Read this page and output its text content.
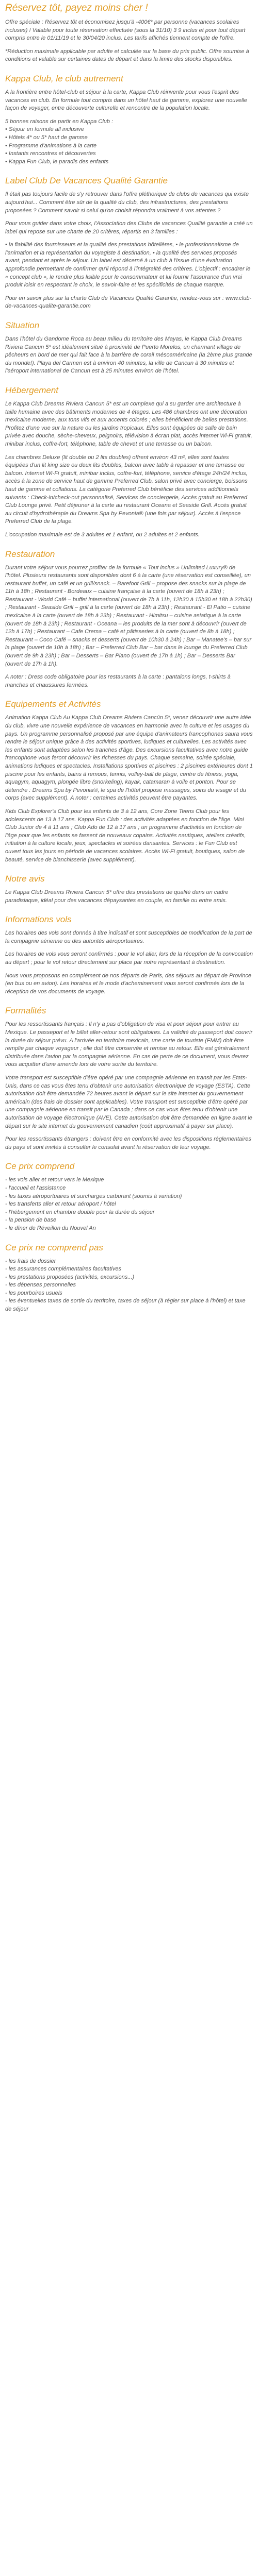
Réservez tôt, payez moins cher !

Offre spéciale : Réservez tôt et économisez jusqu'à -400€* par personne (vacances scolaires incluses) ! Valable pour toute réservation effectuée (sous la 31/10) 3 9 inclus et pour tout départ compris entre le 01/11/19 et le 30/04/20 inclus. Les tarifs affichés tiennent compte de l'offre.

*Réduction maximale applicable par adulte et calculée sur la base du prix public. Offre soumise à conditions et valable sur certaines dates de départ et dans la limite des stocks disponibles.

Kappa Club, le club autrement

A la frontière entre hôtel-club et séjour à la carte, Kappa Club réinvente pour vous l'esprit des vacances en club. En formule tout compris dans un hôtel haut de gamme, explorez une nouvelle façon de voyager, entre découverte culturelle et rencontre de la population locale.

5 bonnes raisons de partir en Kappa Club :

• Séjour en formule all inclusive
• Hôtels 4* ou 5* haut de gamme
• Programme d'animations à la carte
• Instants rencontres et découvertes
• Kappa Fun Club, le paradis des enfants
Label Club De Vacances Qualité Garantie

Il était pas toujours facile de s'y retrouver dans l'offre pléthorique de clubs de vacances qui existe aujourd'hui... Comment être sûr de la qualité du club, des infrastructures, des prestations proposées ? Comment savoir si celui qu'on choisit répondra vraiment à vos attentes ?

Pour vous guider dans votre choix, l'Association des Clubs de vacances Qualité garantie a créé un label qui repose sur une charte de 20 critères, répartis en 3 familles :

• la fiabilité des fournisseurs et la qualité des prestations hôtelières, • le professionnalisme de l'animation et la représentation du voyagiste à destination, • la qualité des services proposés avant, pendant et après le séjour. Un label est décerné à un club à l'issue d'une évaluation approfondie permettant de confirmer qu'il répond à l'intégralité des critères. L'objectif : encadrer le « concept club », le rendre plus lisible pour le consommateur et lui fournir l'assurance d'un vrai produit loisir en respectant le choix, le savoir-faire et les spécificités de chaque marque.

Pour en savoir plus sur la charte Club de Vacances Qualité Garantie, rendez-vous sur : www.club-de-vacances-qualite-garantie.com

Situation

Dans l'hôtel du Gandome Roca au beau milieu du territoire des Mayas, le Kappa Club Dreams Riviera Cancun 5* est idéalement situé à proximité de Puerto Morelos, un charmant village de pêcheurs en bord de mer qui fait face à la barrière de corail mésoaméricaine (la 2ème plus grande du monde!). Playa del Carmen est à environ 40 minutes, la ville de Cancun à 30 minutes et l'aéroport international de Cancun est à 25 minutes environ de l'hôtel.

Hébergement

Le Kappa Club Dreams Riviera Cancun 5* est un complexe qui a su garder une architecture à taille humaine avec des bâtiments modernes de 4 étages. Les 486 chambres ont une décoration mexicaine moderne, aux tons vifs et aux accents colorés ; elles bénéficient de belles prestations. Profitez d'une vue sur la nature ou les jardins tropicaux. Elles sont équipées de salle de bain privée avec douche, sèche-cheveux, peignoirs, télévision à écran plat, accès internet Wi-Fi gratuit, minibar inclus, coffre-fort, téléphone, table de chevet et une terrasse ou un balcon.

Les chambres Deluxe (lit double ou 2 lits doubles) offrent environ 43 m², elles sont toutes équipées d'un lit king size ou deux lits doubles, balcon avec table à repasser et une terrasse ou balcon. Internet Wi-Fi gratuit, minibar inclus, coffre-fort, téléphone, service d'étage 24h/24 inclus, accès à la zone de service haut de gamme Preferred Club, salon privé avec concierge, boissons haut de gamme et collations. La catégorie Preferred Club bénéficie des services additionnels suivants : Check-in/check-out personnalisé, Services de conciergerie, Accès gratuit au Preferred Club Lounge privé. Petit déjeuner à la carte au restaurant Oceana et Seaside Grill. Accès gratuit au circuit d'hydrothérapie du Dreams Spa by Pevonia® (une fois par séjour). Accès à l'espace Preferred Club de la plage.

L'occupation maximale est de 3 adultes et 1 enfant, ou 2 adultes et 2 enfants.

Restauration

Durant votre séjour vous pourrez profiter de la formule « Tout inclus » Unlimited Luxury® de l'hôtel. Plusieurs restaurants sont disponibles dont 6 à la carte (une réservation est conseillée), un restaurant buffet, un café et un grill/snack. – Barefoot Grill – propose des snacks sur la plage de 11h à 18h ; Restaurant - Bordeaux – cuisine française à la carte (ouvert de 18h à 23h) ; Restaurant - World Café – buffet international (ouvert de 7h à 11h, 12h30 à 15h30 et 18h à 22h30) ; Restaurant - Seaside Grill – grill à la carte (ouvert de 18h à 23h) ; Restaurant - El Patio – cuisine mexicaine à la carte (ouvert de 18h à 23h) ; Restaurant - Himitsu – cuisine asiatique à la carte (ouvert de 18h à 23h) ; Restaurant - Oceana – les produits de la mer sont à découvrir (ouvert de 12h à 17h) ; Restaurant – Cafe Crema – café et pâtisseries à la carte (ouvert de 8h à 18h) ; Restaurant – Coco Café – snacks et desserts (ouvert de 10h30 à 24h) ; Bar – Manatee's – bar sur la plage (ouvert de 10h à 18h) ; Bar – Preferred Club Bar – bar dans le lounge du Preferred Club (ouvert de 9h à 23h) ; Bar – Desserts – Bar Piano (ouvert de 17h à 1h) ; Bar – Desserts Bar (ouvert de 17h à 1h).

A noter : Dress code obligatoire pour les restaurants à la carte : pantalons longs, t-shirts à manches et chaussures fermées.

Equipements et Activités

Animation Kappa Club Au Kappa Club Dreams Riviera Cancún 5*, venez découvrir une autre idée du club, vivre une nouvelle expérience de vacances en harmonie avec la culture et les usages du pays. Un programme personnalisé proposé par une équipe d'animateurs francophones saura vous rendre le séjour unique grâce à des activités sportives, ludiques et culturelles. Les activités avec les enfants sont adaptées selon les tranches d'âge. Des excursions facultatives avec notre guide francophone vous feront découvrir les richesses du pays. Chaque semaine, soirée spéciale, animations ludiques et spectacles. Installations sportives et piscines : 2 piscines extérieures dont 1 piscine pour les enfants, bains à remous, tennis, volley-ball de plage, centre de fitness, yoga, aquagym, aquagym, plongée libre (snorkeling), kayak, catamaran à voile et ponton. Pour se détendre : Dreams Spa by Pevonia®, le spa de l'hôtel propose massages, soins du visage et du corps (avec supplément). A noter : certaines activités peuvent être payantes.

Kids Club Explorer's Club pour les enfants de 3 à 12 ans, Core Zone Teens Club pour les adolescents de 13 à 17 ans. Kappa Fun Club : des activités adaptées en fonction de l'âge. Mini Club Junior de 4 à 11 ans ; Club Ado de 12 à 17 ans ; un programme d'activités en fonction de l'âge pour que les enfants se fassent de nouveaux copains. Activités nautiques, ateliers créatifs, initiation à la culture locale, jeux, spectacles et soirées dansantes. Services : le Fun Club est ouvert tous les jours en période de vacances scolaires. Accès Wi-Fi gratuit, boutiques, salon de beauté, service de blanchisserie (avec supplément).

Notre avis

Le Kappa Club Dreams Riviera Cancun 5* offre des prestations de qualité dans un cadre paradisiaque, idéal pour des vacances dépaysantes en couple, en famille ou entre amis.

Informations vols

Les horaires des vols sont donnés à titre indicatif et sont susceptibles de modification de la part de la compagnie aérienne ou des autorités aéroportuaires.

Les horaires de vols vous seront confirmés : pour le vol aller, lors de la réception de la convocation au départ ; pour le vol retour directement sur place par notre représentant à destination.

Nous vous proposons en complément de nos départs de Paris, des séjours au départ de Province (en bus ou en avion). Les horaires et le mode d'acheminement vous seront confirmés lors de la réception de vos documents de voyage.

Formalités

Pour les ressortissants français : Il n'y a pas d'obligation de visa et pour séjour pour entrer au Mexique. Le passeport et le billet aller-retour sont obligatoires. La validité du passeport doit couvrir la durée du séjour prévu. A l'arrivée en territoire mexicain, une carte de touriste (FMM) doit être remplie par chaque voyageur ; elle doit être conservée et remise au retour. Elle est généralement distribuée dans l'avion par la compagnie aérienne. En cas de perte de ce document, vous devrez vous acquitter d'une amende lors de votre sortie du territoire.

Votre transport est susceptible d'être opéré par une compagnie aérienne en transit par les Etats-Unis, dans ce cas vous êtes tenu d'obtenir une autorisation électronique de voyage (ESTA). Cette autorisation doit être demandée 72 heures avant le départ sur le site internet du gouvernement américain (des frais de dossier sont applicables). Votre transport est susceptible d'être opéré par une compagnie aérienne en transit par le Canada ; dans ce cas vous êtes tenu d'obtenir une autorisation de voyage électronique (AVE). Cette autorisation doit être demandée en ligne avant le départ sur le site internet du gouvernement canadien (coût approximatif à payer sur place).

Pour les ressortissants étrangers : doivent être en conformité avec les dispositions réglementaires du pays et sont invités à consulter le consulat avant la réservation de leur voyage.

Ce prix comprend
- les vols aller et retour vers le Mexique
- l'accueil et l'assistance
- les taxes aéroportuaires et surcharges carburant (soumis à variation)
- les transferts aller et retour aéroport / hôtel
- l'hébergement en chambre double pour la durée du séjour
- la pension de base
- le dîner de Réveillon du Nouvel An
Ce prix ne comprend pas
- les frais de dossier
- les assurances complémentaires facultatives
- les prestations proposées (activités, excursions...)
- les dépenses personnelles
- les pourboires usuels
- les éventuelles taxes de sortie du territoire, taxes de séjour (à régler sur place à l'hôtel) et taxe de séjour
